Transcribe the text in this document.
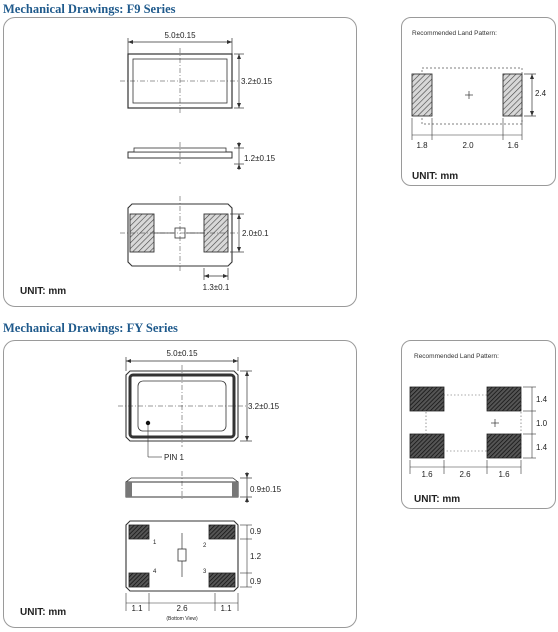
Mechanical Drawings: F9 Series
5.0±0.15
3.2±0.15
1.2±0.15
2.0±0.1
1.3±0.1
UNIT: mm
Recommended Land Pattern:
2.4
1.8	2.0	1.6
UNIT: mm
Mechanical Drawings: FY Series
5.0±0.15
3.2±0.15
PIN 1
0.9±0.15
1	2
3
4
0.9
1.2
0.9
1.1	2.6	1.1
(Bottom View)
UNIT: mm
Recommended Land Pattern:
1.4
1.0
1.4
1.6	2.6	1.6
UNIT: mm
